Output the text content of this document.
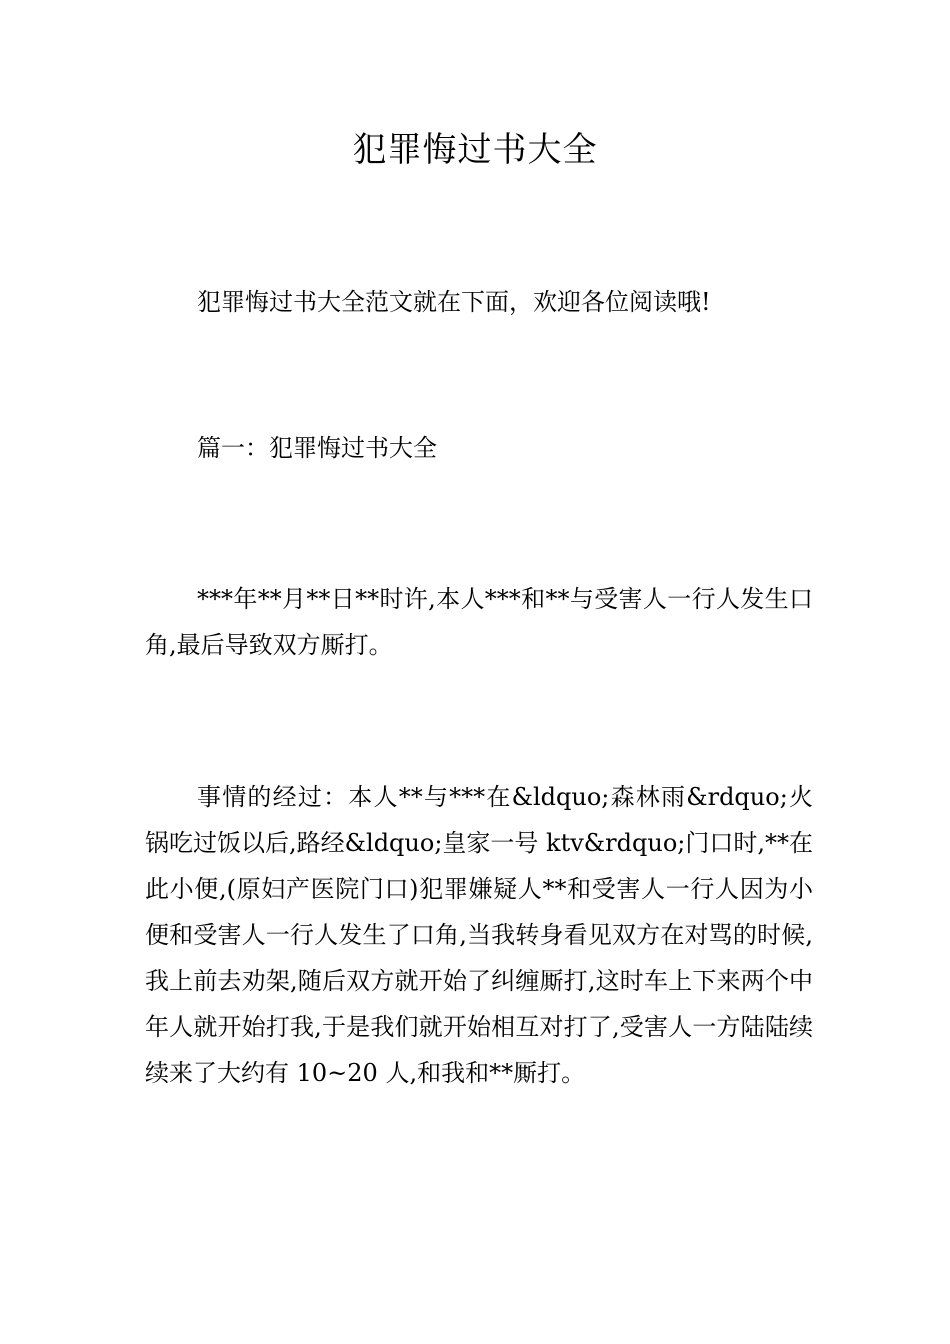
犯罪悔过书大全

犯罪悔过书大全范文就在下面，欢迎各位阅读哦!

篇一：犯罪悔过书大全

***年**月**日**时许,本人***和**与受害人一行人发生口角,最后导致双方厮打。

事情的经过：本人**与***在&ldquo;森林雨&rdquo;火锅吃过饭以后,路经&ldquo;皇家一号 ktv&rdquo;门口时,**在此小便,(原妇产医院门口)犯罪嫌疑人**和受害人一行人因为小便和受害人一行人发生了口角,当我转身看见双方在对骂的时候,我上前去劝架,随后双方就开始了纠缠厮打,这时车上下来两个中年人就开始打我,于是我们就开始相互对打了,受害人一方陆陆续续来了大约有 10~20 人,和我和**厮打。
